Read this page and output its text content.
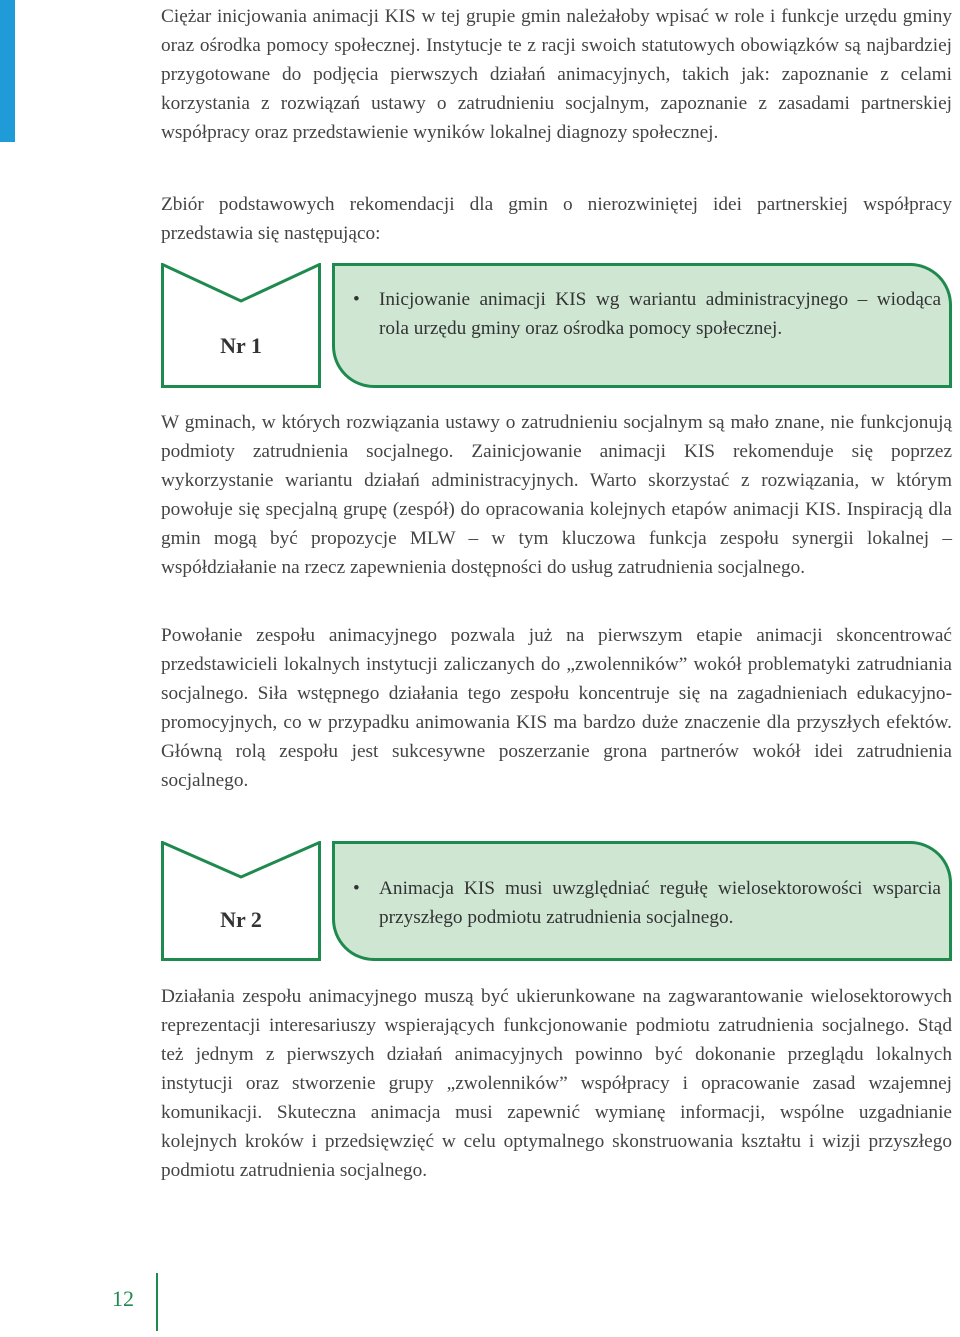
Ciężar inicjowania animacji KIS w tej grupie gmin należałoby wpisać w role i funkcje urzędu gminy oraz ośrodka pomocy społecznej. Instytucje te z racji swoich statutowych obowiązków są najbardziej przygotowane do podjęcia pierwszych działań animacyjnych, takich jak: zapoznanie z celami korzystania z rozwiązań ustawy o zatrudnieniu socjalnym, zapoznanie z zasadami partnerskiej współpracy oraz przedstawienie wyników lokalnej diagnozy społecznej.

Zbiór podstawowych rekomendacji dla gmin o nierozwiniętej idei partnerskiej współpracy przedstawia się następująco:

Nr 1
• Inicjowanie animacji KIS wg wariantu administracyjnego – wiodąca rola urzędu gminy oraz ośrodka pomocy społecznej.

W gminach, w których rozwiązania ustawy o zatrudnieniu socjalnym są mało znane, nie funkcjonują podmioty zatrudnienia socjalnego. Zainicjowanie animacji KIS rekomenduje się poprzez wykorzystanie wariantu działań administracyjnych. Warto skorzystać z rozwiązania, w którym powołuje się specjalną grupę (zespół) do opracowania kolejnych etapów animacji KIS. Inspiracją dla gmin mogą być propozycje MLW – w tym kluczowa funkcja zespołu synergii lokalnej – współdziałanie na rzecz zapewnienia dostępności do usług zatrudnienia socjalnego.

Powołanie zespołu animacyjnego pozwala już na pierwszym etapie animacji skoncentrować przedstawicieli lokalnych instytucji zaliczanych do „zwolenników” wokół problematyki zatrudniania socjalnego. Siła wstępnego działania tego zespołu koncentruje się na zagadnieniach edukacyjno-promocyjnych, co w przypadku animowania KIS ma bardzo duże znaczenie dla przyszłych efektów. Główną rolą zespołu jest sukcesywne poszerzanie grona partnerów wokół idei zatrudnienia socjalnego.

Nr 2
• Animacja KIS musi uwzględniać regułę wielosektorowości wsparcia przyszłego podmiotu zatrudnienia socjalnego.

Działania zespołu animacyjnego muszą być ukierunkowane na zagwarantowanie wielosektorowych reprezentacji interesariuszy wspierających funkcjonowanie podmiotu zatrudnienia socjalnego. Stąd też jednym z pierwszych działań animacyjnych powinno być dokonanie przeglądu lokalnych instytucji oraz stworzenie grupy „zwolenników” współpracy i opracowanie zasad wzajemnej komunikacji. Skuteczna animacja musi zapewnić wymianę informacji, wspólne uzgadnianie kolejnych kroków i przedsięwzięć w celu optymalnego skonstruowania kształtu i wizji przyszłego podmiotu zatrudnienia socjalnego.

12
